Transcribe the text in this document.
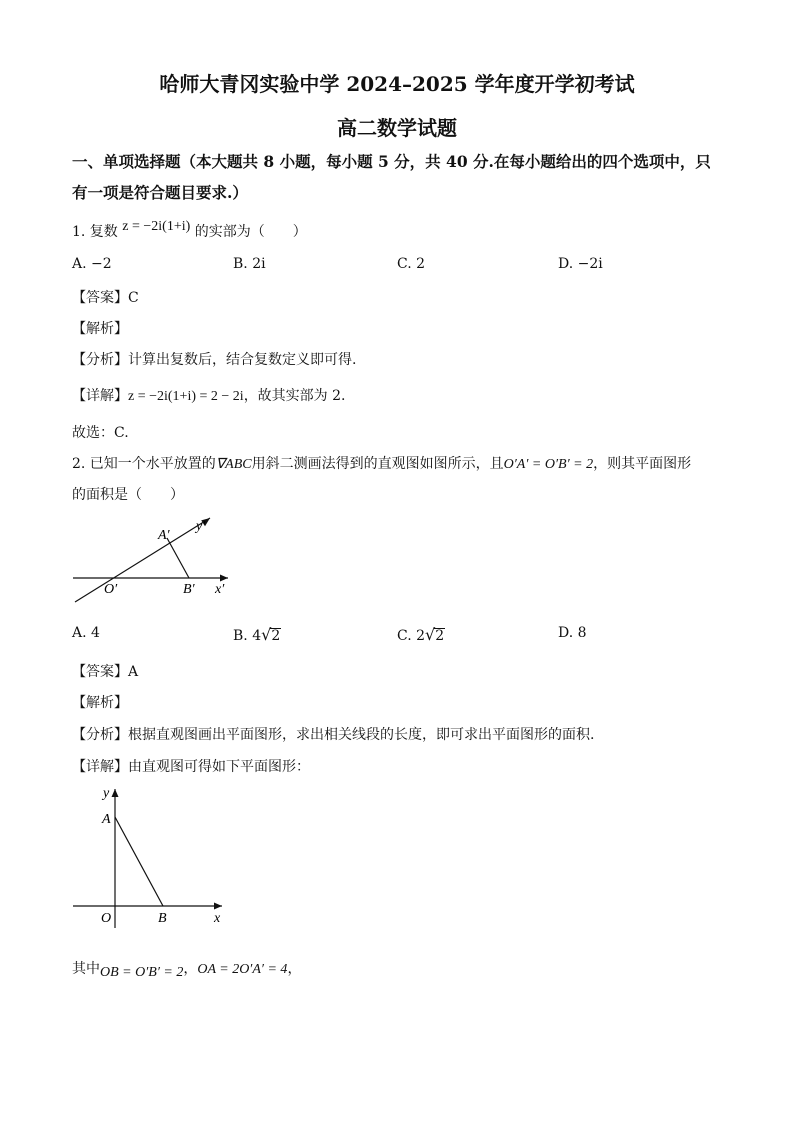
哈师大青冈实验中学 2024–2025 学年度开学初考试
高二数学试题
一、单项选择题（本大题共 8 小题，每小题 5 分，共 40 分.在每小题给出的四个选项中，只
有一项是符合题目要求.）
1. 复数 z = −2i(1+i) 的实部为（　　）
A. −2	B. 2i	C. 2	D. −2i
【答案】C
【解析】
【分析】计算出复数后，结合复数定义即可得.
【详解】z = −2i(1+i) = 2 − 2i，故其实部为 2.
故选：C.
2. 已知一个水平放置的∇ABC用斜二测画法得到的直观图如图所示，且O′A′ = O′B′ = 2，则其平面图形
的面积是（　　）
A′
y′
O′	B′ x′
A. 4	B. 4√2	C. 2√2	D. 8
【答案】A
【解析】
【分析】根据直观图画出平面图形，求出相关线段的长度，即可求出平面图形的面积.
【详解】由直观图可得如下平面图形：
y
A
O	B	x
其中OB = O′B′ = 2，OA = 2O′A′ = 4，
